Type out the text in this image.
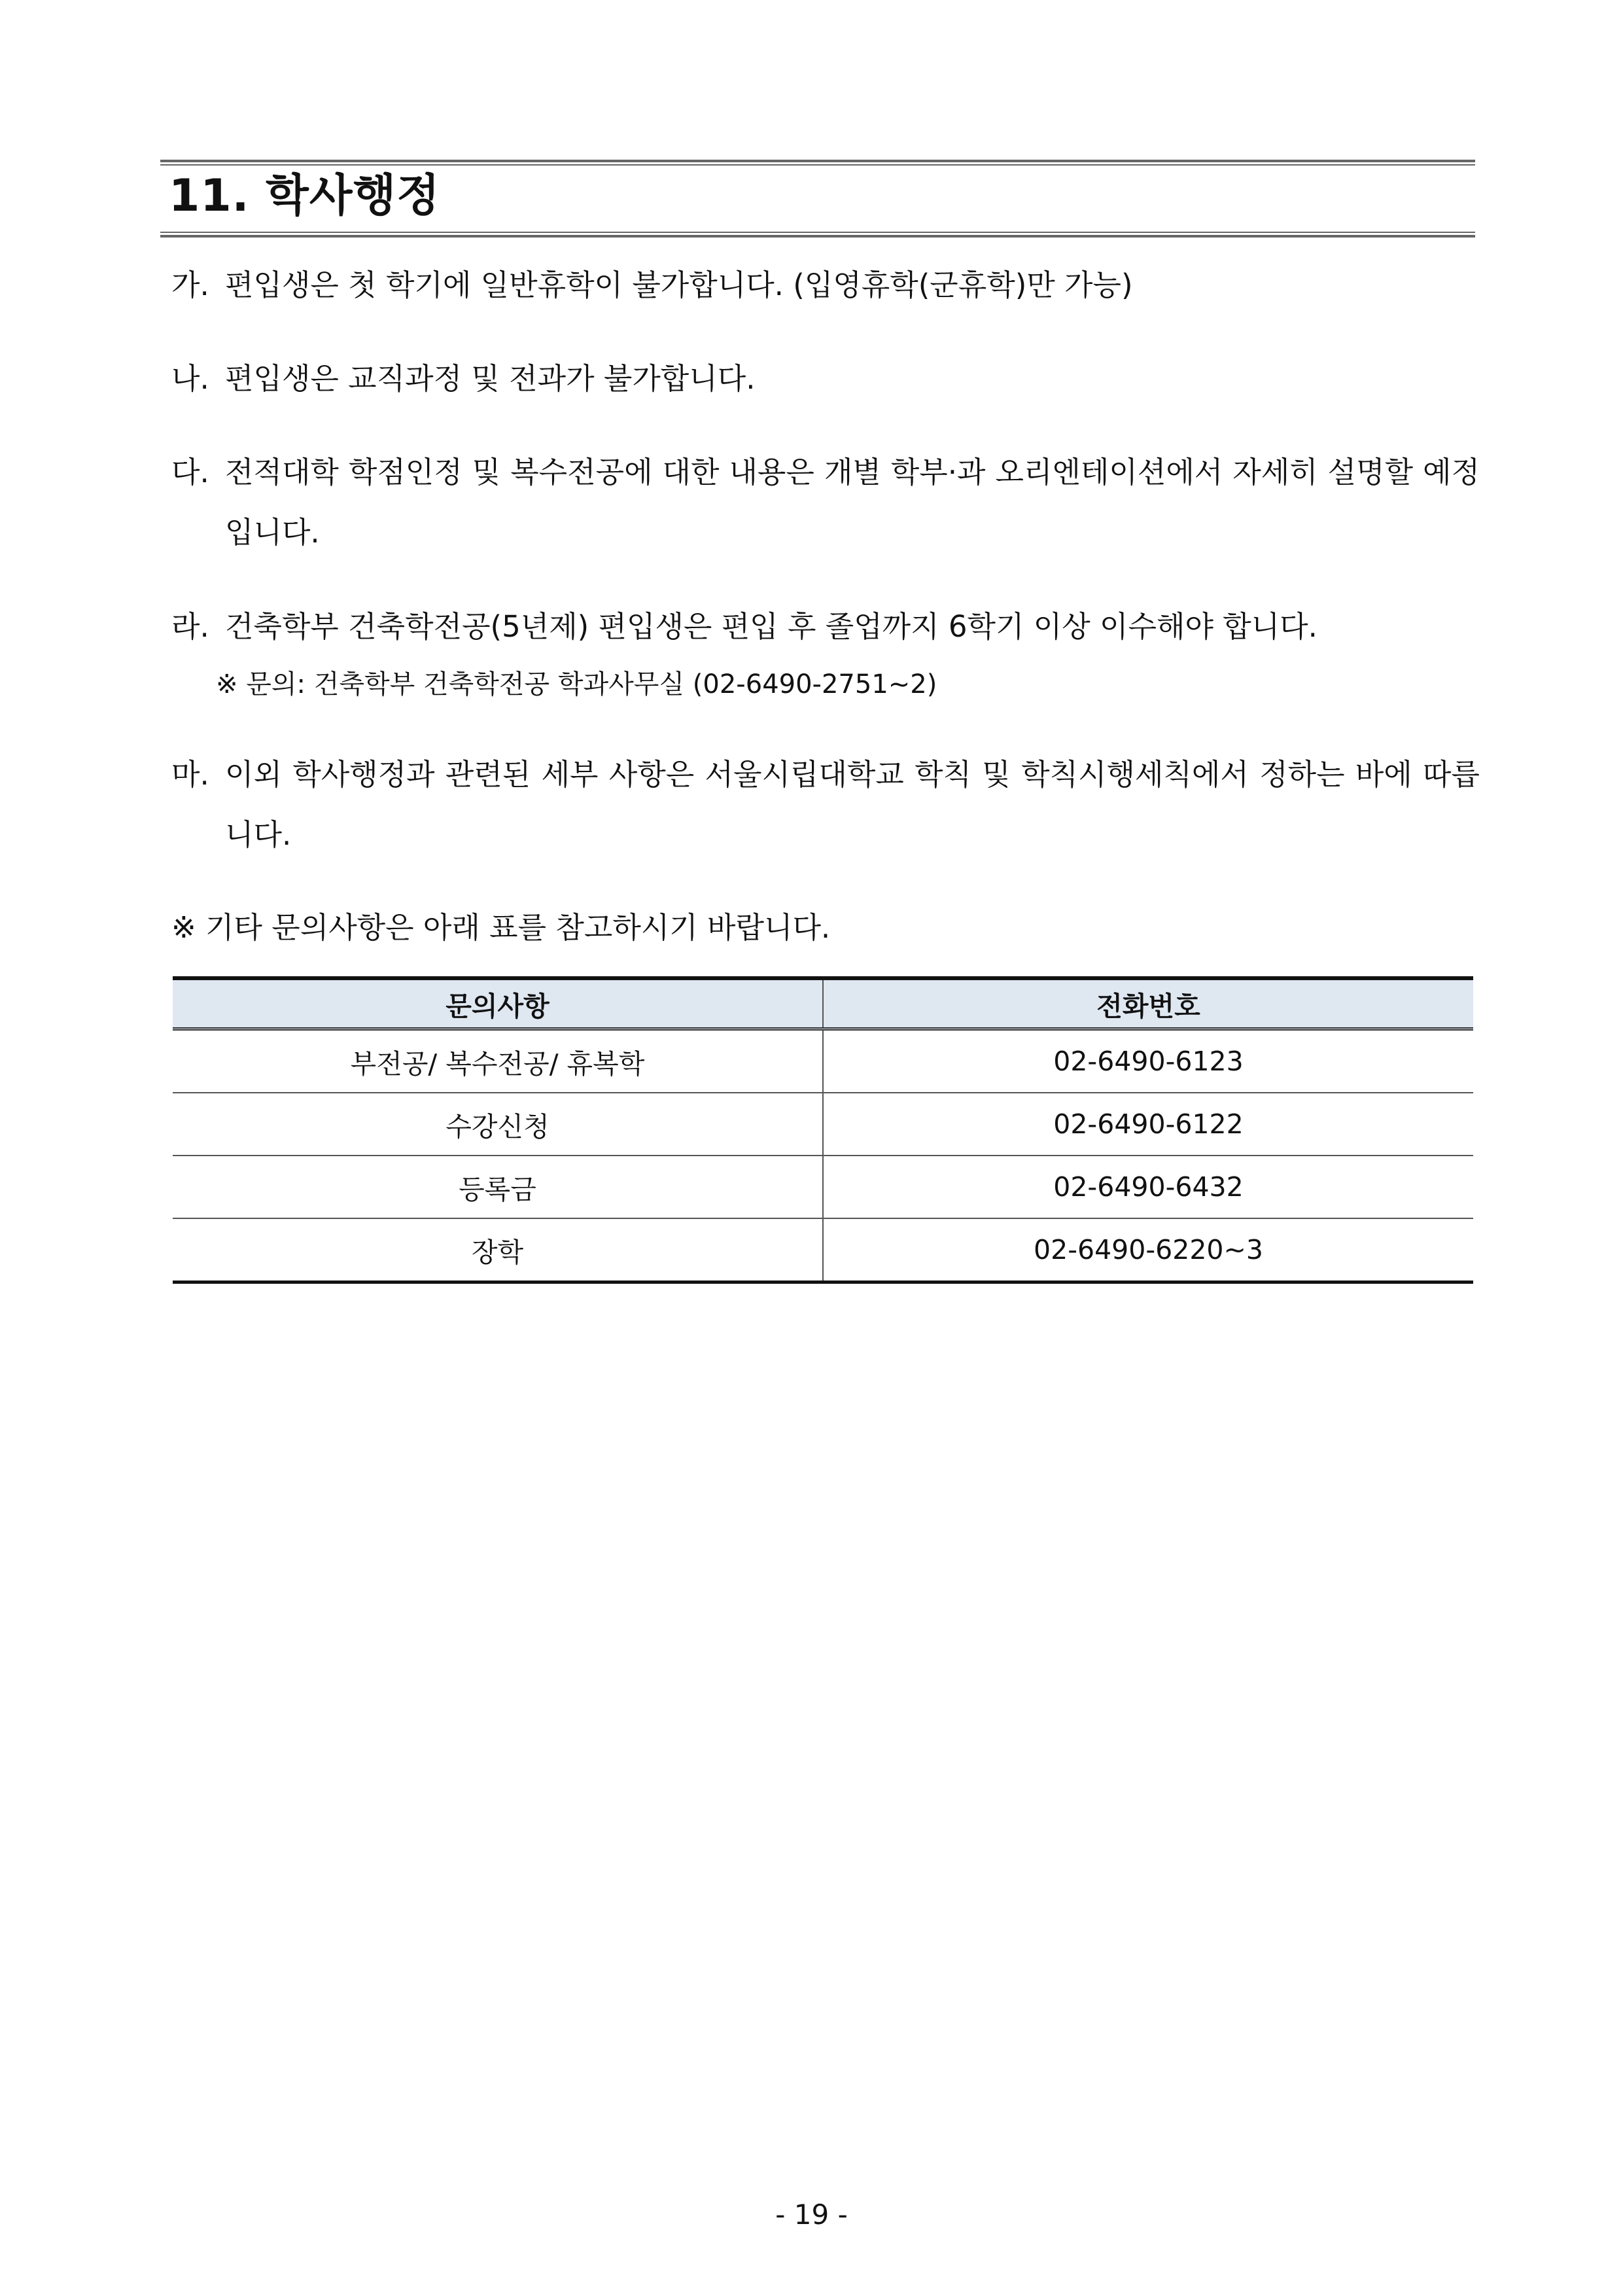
11. 학사행정
가. 편입생은 첫 학기에 일반휴학이 불가합니다. (입영휴학(군휴학)만 가능)
나. 편입생은 교직과정 및 전과가 불가합니다.
다. 전적대학 학점인정 및 복수전공에 대한 내용은 개별 학부·과 오리엔테이션에서 자세히 설명할 예정입니다.
라. 건축학부 건축학전공(5년제) 편입생은 편입 후 졸업까지 6학기 이상 이수해야 합니다.
※ 문의: 건축학부 건축학전공 학과사무실 (02-6490-2751~2)
마. 이외 학사행정과 관련된 세부 사항은 서울시립대학교 학칙 및 학칙시행세칙에서 정하는 바에 따릅니다.
※ 기타 문의사항은 아래 표를 참고하시기 바랍니다.
문의사항	전화번호
부전공/ 복수전공/ 휴복학	02-6490-6123
수강신청	02-6490-6122
등록금	02-6490-6432
장학	02-6490-6220~3
- 19 -
